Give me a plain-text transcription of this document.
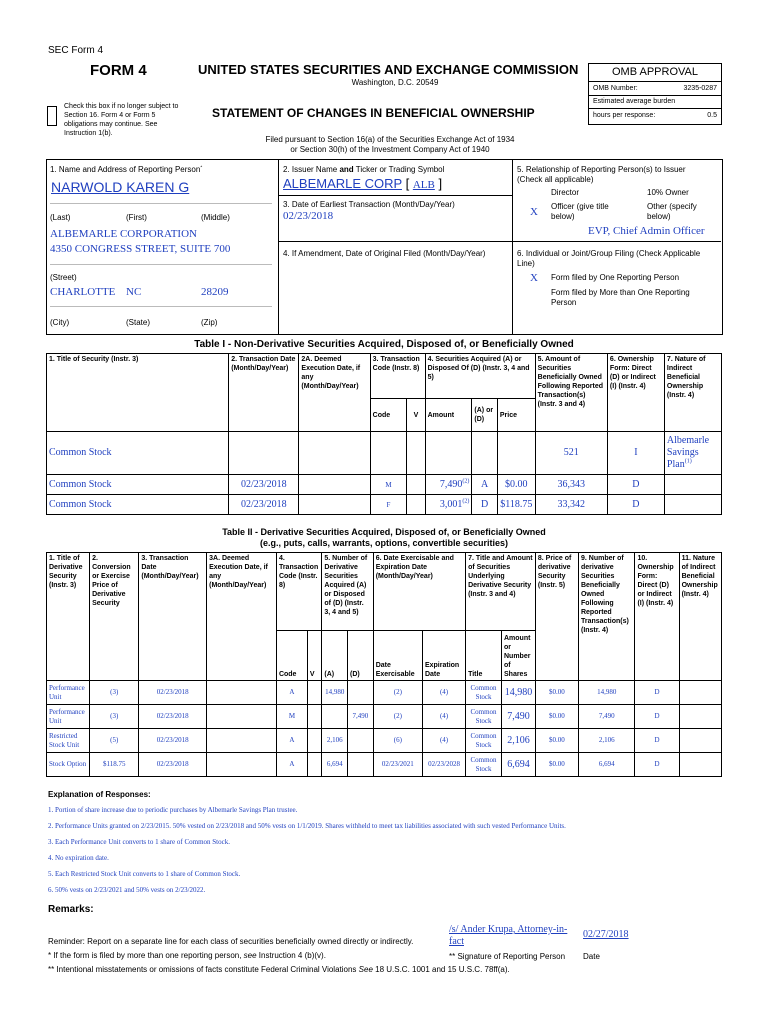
SEC Form 4
FORM 4	UNITED STATES SECURITIES AND EXCHANGE COMMISSION
Washington, D.C. 20549
Check this box if no longer subject to Section 16. Form 4 or Form 5 obligations may continue. See Instruction 1(b).
STATEMENT OF CHANGES IN BENEFICIAL OWNERSHIP
Filed pursuant to Section 16(a) of the Securities Exchange Act of 1934
or Section 30(h) of the Investment Company Act of 1940
OMB APPROVAL
OMB Number:	3235-0287
Estimated average burden
hours per response:	0.5
1. Name and Address of Reporting Person*
NARWOLD KAREN G
(Last)	(First)	(Middle)
ALBEMARLE CORPORATION
4350 CONGRESS STREET, SUITE 700
(Street)
CHARLOTTE NC	28209
(City)	(State)	(Zip)
2. Issuer Name and Ticker or Trading Symbol
ALBEMARLE CORP [ ALB ]
3. Date of Earliest Transaction (Month/Day/Year)
02/23/2018
4. If Amendment, Date of Original Filed (Month/Day/Year)
5. Relationship of Reporting Person(s) to Issuer
(Check all applicable)
Director	10% Owner
X Officer (give title below)
Other (specify below)
EVP, Chief Admin Officer
6. Individual or Joint/Group Filing (Check Applicable Line)
X Form filed by One Reporting Person
Form filed by More than One Reporting Person
Table I - Non-Derivative Securities Acquired, Disposed of, or Beneficially Owned
1. Title of Security (Instr. 3)	2. Transaction Date (Month/Day/Year)	2A. Deemed Execution Date, if any (Month/Day/Year)	3. Transaction Code (Instr. 8)		4. Securities Acquired (A) or Disposed Of (D) (Instr. 3, 4 and 5)			5. Amount of Securities Beneficially Owned Following Reported Transaction(s) (Instr. 3 and 4)	6. Ownership Form: Direct (D) or Indirect (I) (Instr. 4)	7. Nature of Indirect Beneficial Ownership (Instr. 4)
			Code	V	Amount	(A) or (D)	Price			
Common Stock								521	I	Albemarle Savings Plan$^{(1)}$
Common Stock	02/23/2018		M		7,490$^{(2)}$	A	$0.00	36,343	D	
Common Stock	02/23/2018		F		3,001$^{(2)}$	D	$118.75	33,342	D	
Table II - Derivative Securities Acquired, Disposed of, or Beneficially Owned
(e.g., puts, calls, warrants, options, convertible securities)
1. Title of Derivative Security (Instr. 3)	2. Conversion or Exercise Price of Derivative Security	3. Transaction Date (Month/Day/Year)	3A. Deemed Execution Date, if any (Month/Day/Year)	4. Transaction Code (Instr. 8)		5. Number of Derivative Securities Acquired (A) or Disposed of (D) (Instr. 3, 4 and 5)		6. Date Exercisable and Expiration Date (Month/Day/Year)		7. Title and Amount of Securities Underlying Derivative Security (Instr. 3 and 4)		8. Price of derivative Security (Instr. 5)	9. Number of derivative Securities Beneficially Owned Following Reported Transaction(s) (Instr. 4)	10. Ownership Form: Direct (D) or Indirect (I) (Instr. 4)	11. Nature of Indirect Beneficial Ownership (Instr. 4)
				Code	V	(A)	(D)	Date Exercisable	Expiration Date	Title	Amount or Number of Shares				
Performance Unit	(3)	02/23/2018		A		14,980		(2)	(4)	Common Stock	14,980	$0.00	14,980	D	
Performance Unit	(3)	02/23/2018		M			7,490	(2)	(4)	Common Stock	7,490	$0.00	7,490	D	
Restricted Stock Unit	(5)	02/23/2018		A		2,106		(6)	(4)	Common Stock	2,106	$0.00	2,106	D	
Stock Option	$118.75	02/23/2018		A		6,694		02/23/2021	02/23/2028	Common Stock	6,694	$0.00	6,694	D	
Explanation of Responses:
1. Portion of share increase due to periodic purchases by Albemarle Savings Plan trustee.
2. Performance Units granted on 2/23/2015. 50% vested on 2/23/2018 and 50% vests on 1/1/2019. Shares withheld to meet tax liabilities associated with such vested Performance Units.
3. Each Performance Unit converts to 1 share of Common Stock.
4. No expiration date.
5. Each Restricted Stock Unit converts to 1 share of Common Stock.
6. 50% vests on 2/23/2021 and 50% vests on 2/23/2022.
Remarks:
/s/ Ander Krupa, Attorney-in-fact
02/27/2018
** Signature of Reporting Person Date
Reminder: Report on a separate line for each class of securities beneficially owned directly or indirectly.
* If the form is filed by more than one reporting person, see Instruction 4 (b)(v).
** Intentional misstatements or omissions of facts constitute Federal Criminal Violations See 18 U.S.C. 1001 and 15 U.S.C. 78ff(a).
